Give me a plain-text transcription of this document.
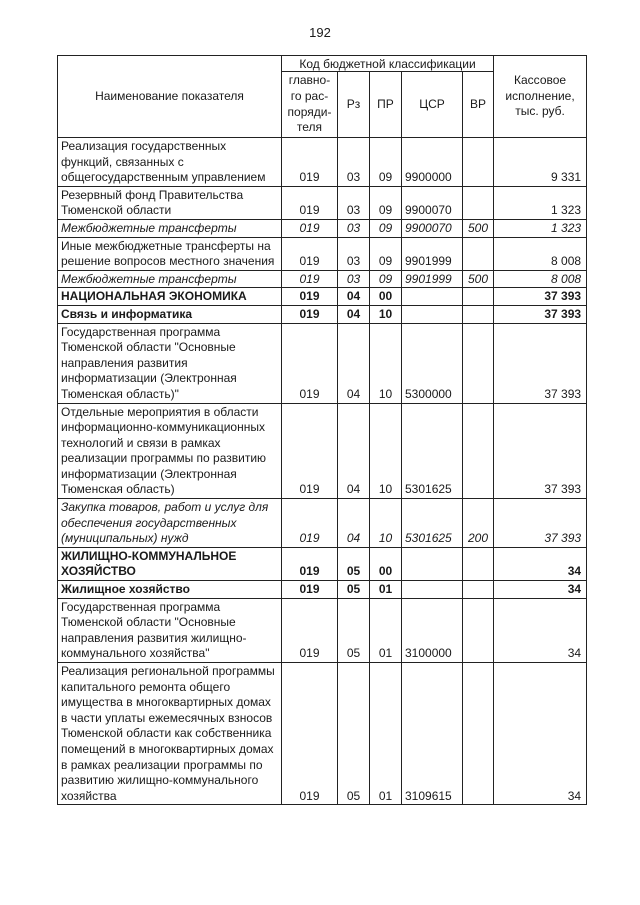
192
Наименование показателя	Код бюджетной классификации					Кассовое исполнение, тыс. руб.
	главно-го рас-поряди-теля	Рз	ПР	ЦСР	ВР	
Реализация государственных функций, связанных с общегосударственным управлением	019	03	09	9900000		9 331
Резервный фонд Правительства Тюменской области	019	03	09	9900070		1 323
Межбюджетные трансферты	019	03	09	9900070	500	1 323
Иные межбюджетные трансферты на решение вопросов местного значения	019	03	09	9901999		8 008
Межбюджетные трансферты	019	03	09	9901999	500	8 008
НАЦИОНАЛЬНАЯ ЭКОНОМИКА	019	04	00			37 393
Связь и информатика	019	04	10			37 393
Государственная программа Тюменской области "Основные направления развития информатизации (Электронная Тюменская область)"	019	04	10	5300000		37 393
Отдельные мероприятия в области информационно-коммуникационных технологий и связи в рамках реализации программы по развитию информатизации (Электронная Тюменская область)	019	04	10	5301625		37 393
Закупка товаров, работ и услуг для обеспечения государственных (муниципальных) нужд	019	04	10	5301625	200	37 393
ЖИЛИЩНО-КОММУНАЛЬНОЕ ХОЗЯЙСТВО	019	05	00			34
Жилищное хозяйство	019	05	01			34
Государственная программа Тюменской области "Основные направления развития жилищно-коммунального хозяйства"	019	05	01	3100000		34
Реализация региональной программы капитального ремонта общего имущества в многоквартирных домах в части уплаты ежемесячных взносов Тюменской области как собственника помещений в многоквартирных домах в рамках реализации программы по развитию жилищно-коммунального хозяйства	019	05	01	3109615		34
